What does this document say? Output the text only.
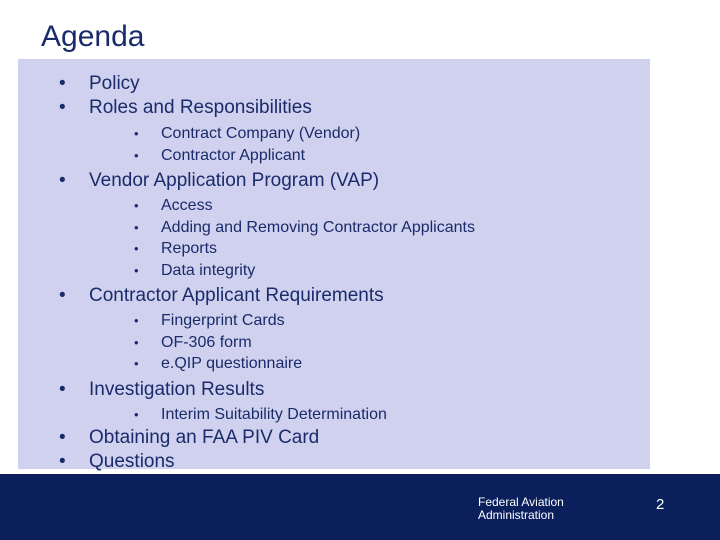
Agenda
• Policy
• Roles and Responsibilities
• Contract Company (Vendor)
• Contractor Applicant
• Vendor Application Program (VAP)
• Access
• Adding and Removing Contractor Applicants
• Reports
• Data integrity
• Contractor Applicant Requirements
• Fingerprint Cards
• OF-306 form
• e.QIP questionnaire
• Investigation Results
• Interim Suitability Determination
• Obtaining an FAA PIV Card
• Questions
Federal Aviation
Administration
2
